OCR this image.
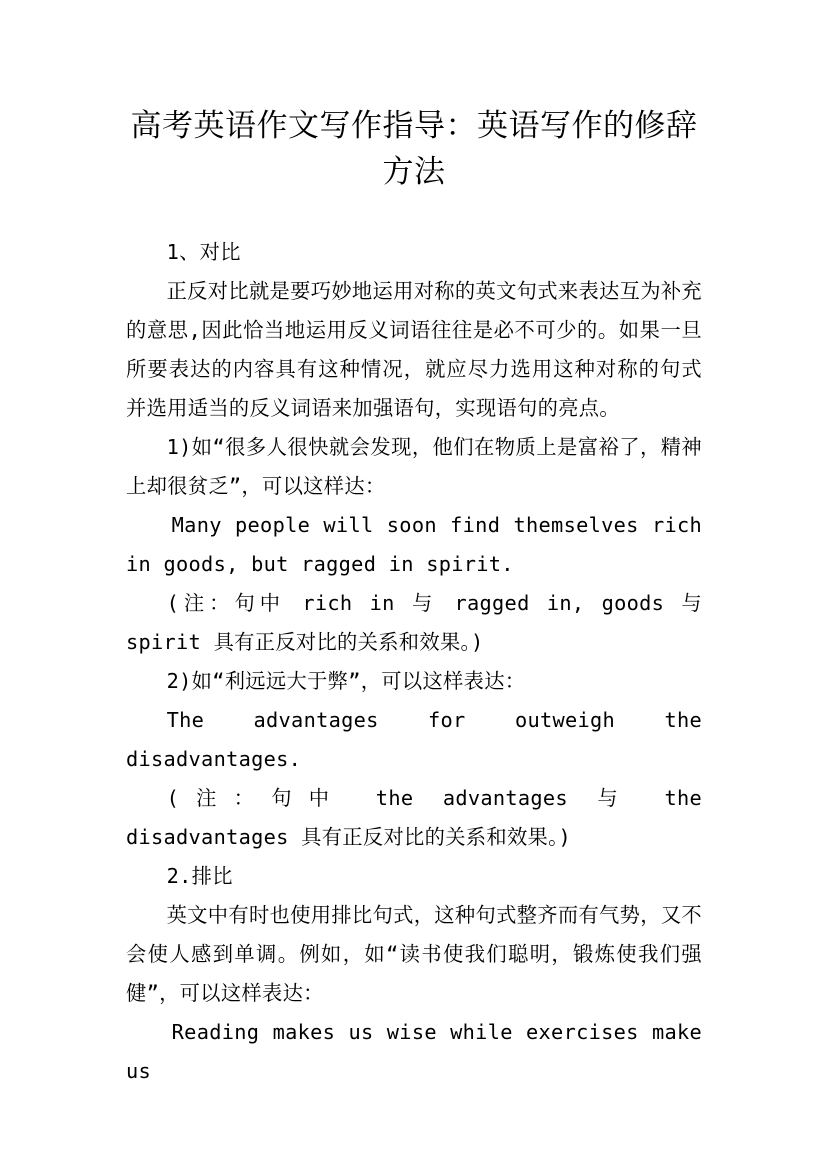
高考英语作文写作指导：英语写作的修辞方法

1、对比

正反对比就是要巧妙地运用对称的英文句式来表达互为补充的意思,因此恰当地运用反义词语往往是必不可少的。如果一旦所要表达的内容具有这种情况，就应尽力选用这种对称的句式并选用适当的反义词语来加强语句，实现语句的亮点。

1)如“很多人很快就会发现，他们在物质上是富裕了，精神上却很贫乏”，可以这样达：

Many people will soon find themselves rich in goods, but ragged in spirit.

(注：句中 rich in 与 ragged in, goods 与 spirit 具有正反对比的关系和效果。)

2)如“利远远大于弊”，可以这样表达：

The advantages for outweigh the disadvantages.

(注：句中 the advantages 与 the disadvantages 具有正反对比的关系和效果。)

2.排比

英文中有时也使用排比句式，这种句式整齐而有气势，又不会使人感到单调。例如，如“读书使我们聪明，锻炼使我们强健”，可以这样表达：

Reading makes us wise while exercises make us
